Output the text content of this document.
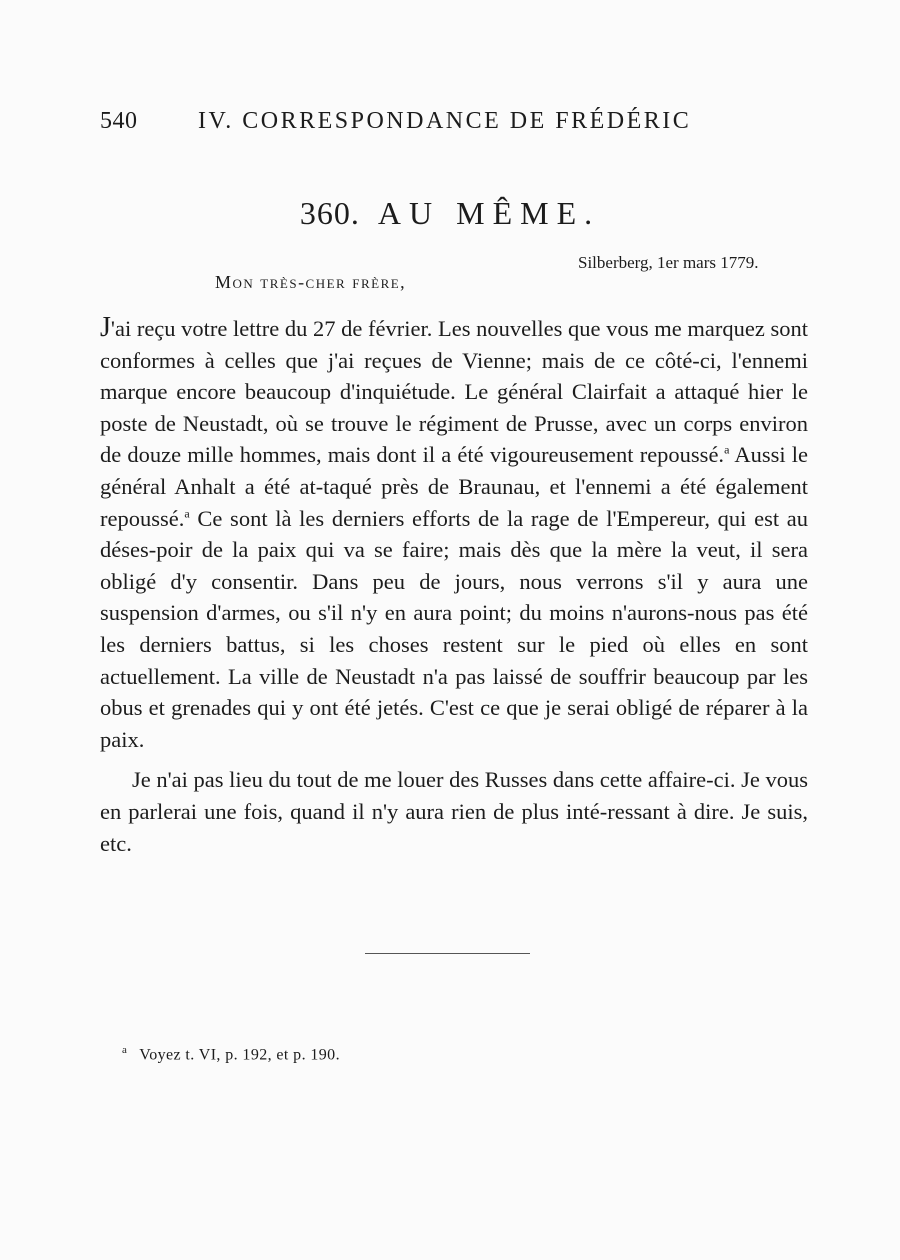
540	IV. CORRESPONDANCE DE FRÉDÉRIC
360. AU MÊME.
Silberberg, 1er mars 1779.
Mon très-cher frère,

J'ai reçu votre lettre du 27 de février. Les nouvelles que vous me marquez sont conformes à celles que j'ai reçues de Vienne; mais de ce côté-ci, l'ennemi marque encore beaucoup d'inquiétude. Le général Clairfait a attaqué hier le poste de Neustadt, où se trouve le régiment de Prusse, avec un corps environ de douze mille hommes, mais dont il a été vigoureusement repoussé.$^a$ Aussi le général Anhalt a été at-taqué près de Braunau, et l'ennemi a été également repoussé.$^a$ Ce sont là les derniers efforts de la rage de l'Empereur, qui est au déses-poir de la paix qui va se faire; mais dès que la mère la veut, il sera obligé d'y consentir. Dans peu de jours, nous verrons s'il y aura une suspension d'armes, ou s'il n'y en aura point; du moins n'aurons-nous pas été les derniers battus, si les choses restent sur le pied où elles en sont actuellement. La ville de Neustadt n'a pas laissé de souffrir beaucoup par les obus et grenades qui y ont été jetés. C'est ce que je serai obligé de réparer à la paix.

Je n'ai pas lieu du tout de me louer des Russes dans cette affaire-ci. Je vous en parlerai une fois, quand il n'y aura rien de plus inté-ressant à dire. Je suis, etc.

$^a$ Voyez t. VI, p. 192, et p. 190.
